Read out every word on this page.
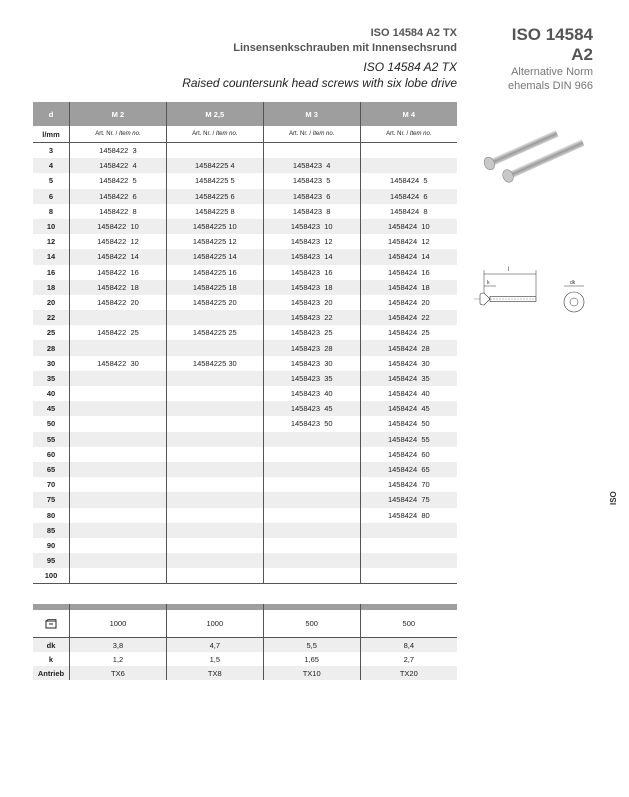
ISO 14584 A2 TX
Linsensenkschrauben mit Innensechsrund
ISO 14584 A2 TX
Raised countersunk head screws with six lobe drive
ISO 14584
A2
Alternative Norm
ehemals DIN 966
ISO
d	M 2	M 2,5	M 3	M 4
l/mm	Art. Nr. / Item no.	Art. Nr. / Item no.	Art. Nr. / Item no.	Art. Nr. / Item no.
3	1458422  3			
4	1458422  4	14584225 4	1458423  4	
5	1458422  5	14584225 5	1458423  5	1458424  5
6	1458422  6	14584225 6	1458423  6	1458424  6
8	1458422  8	14584225 8	1458423  8	1458424  8
10	1458422  10	14584225 10	1458423  10	1458424  10
12	1458422  12	14584225 12	1458423  12	1458424  12
14	1458422  14	14584225 14	1458423  14	1458424  14
16	1458422  16	14584225 16	1458423  16	1458424  16
18	1458422  18	14584225 18	1458423  18	1458424  18
20	1458422  20	14584225 20	1458423  20	1458424  20
22			1458423  22	1458424  22
25	1458422  25	14584225 25	1458423  25	1458424  25
28			1458423  28	1458424  28
30	1458422  30	14584225 30	1458423  30	1458424  30
35			1458423  35	1458424  35
40			1458423  40	1458424  40
45			1458423  45	1458424  45
50			1458423  50	1458424  50
55				1458424  55
60				1458424  60
65				1458424  65
70				1458424  70
75				1458424  75
80				1458424  80
85				
90				
95				
100				

	1000	1000	500	500
dk	3,8	4,7	5,5	8,4
k	1,2	1,5	1,65	2,7
Antrieb	TX6	TX8	TX10	TX20
l
k	dk
